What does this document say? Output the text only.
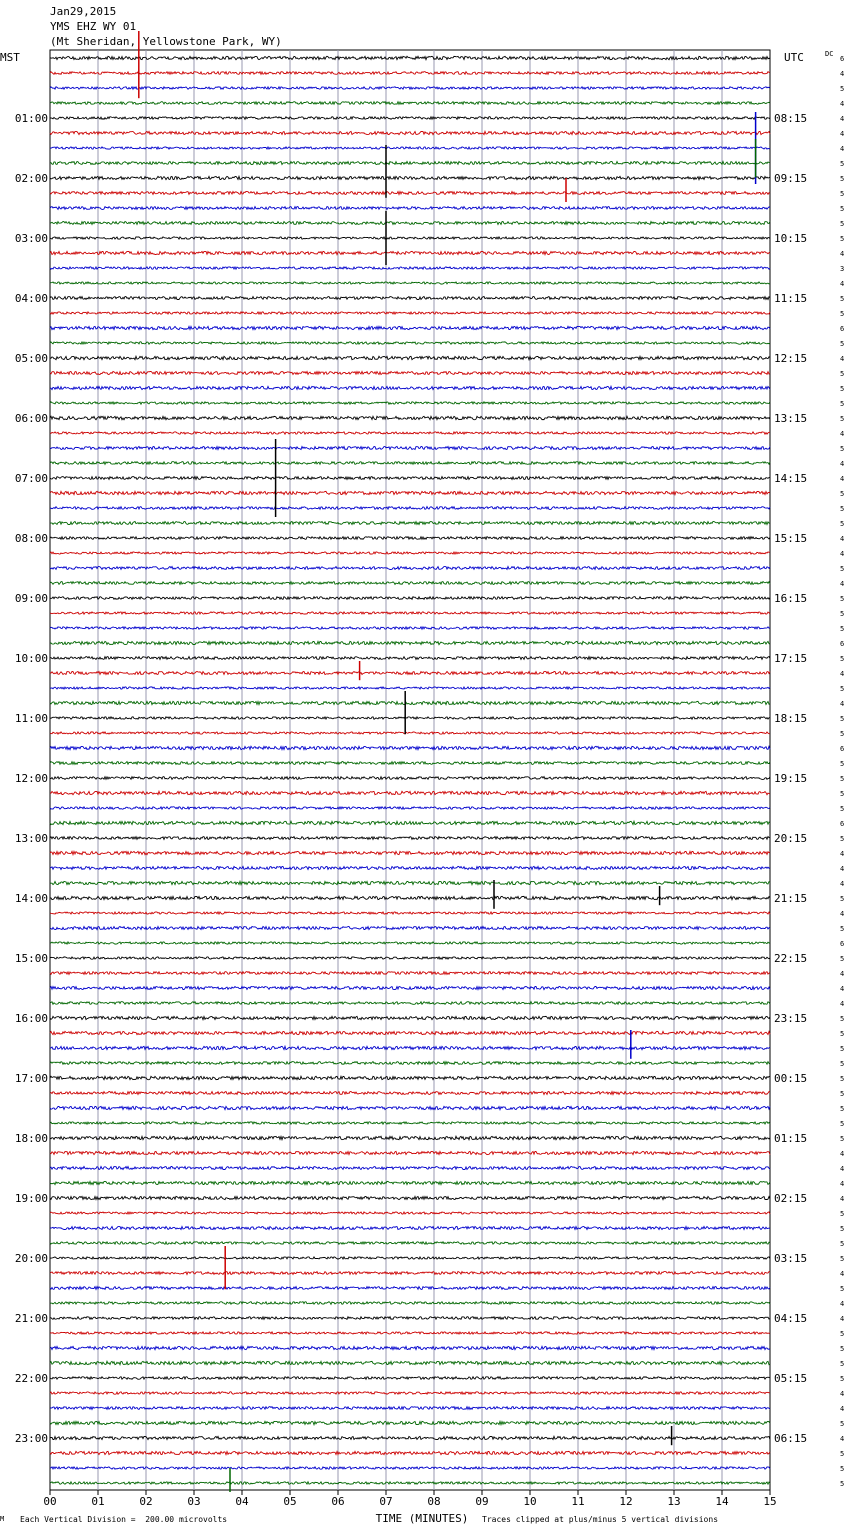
Jan29,2015
YMS EHZ WY 01
(Mt Sheridan, Yellowstone Park, WY)
01:00
02:00
03:00
04:00
05:00
06:00
07:00
08:00
09:00
10:00
11:00
12:00
13:00
14:00
15:00
16:00
17:00
18:00
19:00
20:00
21:00
22:00
23:00
08:15
09:15
10:15
11:15
12:15
13:15
14:15
15:15
16:15
17:15
18:15
19:15
20:15
21:15
22:15
23:15
00:15
01:15
02:15
03:15
04:15
05:15
06:15
MST	UTC	DC
6
4
5
4
4
4
4
5
5
5
5
5
5
4
3
4
5
5
6
5
4
5
5
5
5
4
5
4
4
5
5
5
4
4
5
4
5
5
5
6
5
4
5
4
5
5
6
5
5
5
5
6
5
4
4
4
5
4
5
6
5
4
4
4
5
5
5
5
5
5
5
5
5
4
4
4
4
5
5
5
5
4
5
4
4
5
5
5
5
4
4
5
4
5
5
5
00	01	02	03	04	05	06	07	08	09	10	11	12	13	14	15
TIME (MINUTES)
M Each Vertical Division =  200.00 microvolts	Traces clipped at plus/minus 5 vertical divisions
